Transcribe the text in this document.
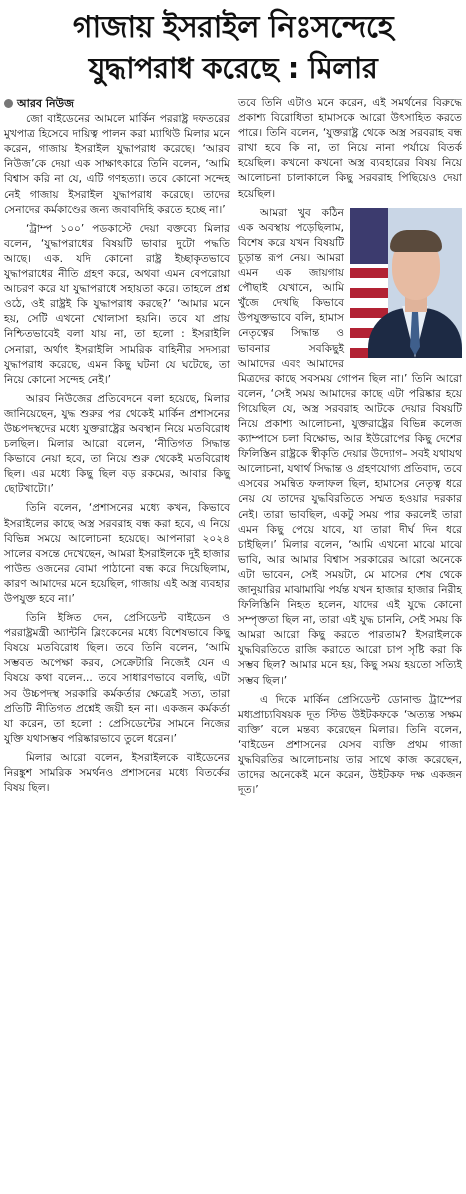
গাজায় ইসরাইল নিঃসন্দেহে
যুদ্ধাপরাধ করেছে : মিলার
আরব নিউজ

জো বাইডেনের আমলে মার্কিন পররাষ্ট্র দফতরের মুখপাত্র হিসেবে দায়িত্ব পালন করা ম্যাথিউ মিলার মনে করেন, গাজায় ইসরাইল যুদ্ধাপরাধ করেছে। ‘আরব নিউজ’কে দেয়া এক সাক্ষাৎকারে তিনি বলেন, ‘আমি বিশ্বাস করি না যে, এটি গণহত্যা। তবে কোনো সন্দেহ নেই গাজায় ইসরাইল যুদ্ধাপরাধ করেছে। তাদের সেনাদের কর্মকাণ্ডের জন্য জবাবদিহি করতে হচ্ছে না।’

‘ট্রাম্প ১০০’ পডকাস্টে দেয়া বক্তব্যে মিলার বলেন, ‘যুদ্ধাপরাধের বিষয়টি ভাবার দুটো পদ্ধতি আছে। এক. যদি কোনো রাষ্ট্র ইচ্ছাকৃতভাবে যুদ্ধাপরাধের নীতি গ্রহণ করে, অথবা এমন বেপরোয়া আচরণ করে যা যুদ্ধাপরাধে সহায়তা করে। তাহলে প্রশ্ন ওঠে, ওই রাষ্ট্রই কি যুদ্ধাপরাধ করছে?’ ‘আমার মনে হয়, সেটি এখনো খোলাসা হয়নি। তবে যা প্রায় নিশ্চিতভাবেই বলা যায় না, তা হলো : ইসরাইলি সেনারা, অর্থাৎ ইসরাইলি সামরিক বাহিনীর সদস্যরা যুদ্ধাপরাধ করেছে, এমন কিছু ঘটনা যে ঘটেছে, তা নিয়ে কোনো সন্দেহ নেই।’

আরব নিউজের প্রতিবেদনে বলা হয়েছে, মিলার জানিয়েছেন, যুদ্ধ শুরুর পর থেকেই মার্কিন প্রশাসনের উচ্চপদস্থদের মধ্যে যুক্তরাষ্ট্রের অবস্থান নিয়ে মতবিরোধ চলছিল। মিলার আরো বলেন, ‘নীতিগত সিদ্ধান্ত কিভাবে নেয়া হবে, তা নিয়ে শুরু থেকেই মতবিরোধ ছিল। এর মধ্যে কিছু ছিল বড় রকমের, আবার কিছু ছোটখাটো।’

তিনি বলেন, ‘প্রশাসনের মধ্যে কখন, কিভাবে ইসরাইলের কাছে অস্ত্র সরবরাহ বন্ধ করা হবে, এ নিয়ে বিভিন্ন সময়ে আলোচনা হয়েছে। আপনারা ২০২৪ সালের বসন্তে দেখেছেন, আমরা ইসরাইলকে দুই হাজার পাউন্ড ওজনের বোমা পাঠানো বন্ধ করে দিয়েছিলাম, কারণ আমাদের মনে হয়েছিল, গাজায় এই অস্ত্র ব্যবহার উপযুক্ত হবে না।’

তিনি ইঙ্গিত দেন, প্রেসিডেন্ট বাইডেন ও পররাষ্ট্রমন্ত্রী অ্যান্টনি ব্লিংকেনের মধ্যে বিশেষভাবে কিছু বিষয়ে মতবিরোধ ছিল। তবে তিনি বলেন, ‘আমি সম্ভবত অপেক্ষা করব, সেক্রেটারি নিজেই যেন এ বিষয়ে কথা বলেন... তবে সাধারণভাবে বলছি, এটা সব উচ্চপদস্থ সরকারি কর্মকর্তার ক্ষেত্রেই সত্য, তারা প্রতিটি নীতিগত প্রশ্নেই জয়ী হন না। একজন কর্মকর্তা যা করেন, তা হলো : প্রেসিডেন্টের সামনে নিজের যুক্তি যথাসম্ভব পরিষ্কারভাবে তুলে ধরেন।’

মিলার আরো বলেন, ইসরাইলকে বাইডেনের নিরঙ্কুশ সামরিক সমর্থনও প্রশাসনের মধ্যে বিতর্কের বিষয় ছিল।

তবে তিনি এটাও মনে করেন, এই সমর্থনের বিরুদ্ধে প্রকাশ্য বিরোধিতা হামাসকে আরো উৎসাহিত করতে পারে। তিনি বলেন, ‘যুক্তরাষ্ট্র থেকে অস্ত্র সরবরাহ বন্ধ রাখা হবে কি না, তা নিয়ে নানা পর্যায়ে বিতর্ক হয়েছিল। কখনো কখনো অস্ত্র ব্যবহারের বিষয় নিয়ে আলোচনা চালাকালে কিছু সরবরাহ পিছিয়েও দেয়া হয়েছিল।

আমরা খুব কঠিন এক অবস্থায় পড়েছিলাম, বিশেষ করে যখন বিষয়টি চূড়ান্ত রূপ নেয়। আমরা এমন এক জায়গায় পৌছাই যেখানে, আমি খুঁজে দেখছি কিভাবে উপযুক্তভাবে বলি, হামাস নেতৃত্বের সিদ্ধান্ত ও ভাবনার সবকিছুই আমাদের এবং আমাদের মিত্রদের কাছে সবসময় গোপন ছিল না।’ তিনি আরো বলেন, ‘সেই সময় আমাদের কাছে এটা পরিষ্কার হয়ে গিয়েছিল যে, অস্ত্র সরবরাহ আটকে দেয়ার বিষয়টি নিয়ে প্রকাশ্য আলোচনা, যুক্তরাষ্ট্রের বিভিন্ন কলেজ ক্যাম্পাসে চলা বিক্ষোভ, আর ইউরোপের কিছু দেশের ফিলিস্তিন রাষ্ট্রকে স্বীকৃতি দেয়ার উদ্যোগ– সবই যথাযথ আলোচনা, যথার্থ সিদ্ধান্ত ও গ্রহণযোগ্য প্রতিবাদ, তবে এসবের সমন্বিত ফলাফল ছিল, হামাসের নেতৃত্ব ধরে নেয় যে তাদের যুদ্ধবিরতিতে সম্মত হওয়ার দরকার নেই। তারা ভাবছিল, একটু সময় পার করলেই তারা এমন কিছু পেয়ে যাবে, যা তারা দীর্ঘ দিন ধরে চাইছিল।’ মিলার বলেন, ‘আমি এখনো মাঝে মাঝে ভাবি, আর আমার বিশ্বাস সরকারের আরো অনেকে এটা ভাবেন, সেই সময়টা, মে মাসের শেষ থেকে জানুয়ারির মাঝামাঝি পর্যন্ত যখন হাজার হাজার নিরীহ ফিলিস্তিনি নিহত হলেন, যাদের এই যুদ্ধে কোনো সম্পৃক্ততা ছিল না, তারা এই যুদ্ধ চাননি, সেই সময় কি আমরা আরো কিছু করতে পারতাম? ইসরাইলকে যুদ্ধবিরতিতে রাজি করাতে আরো চাপ সৃষ্টি করা কি সম্ভব ছিল? আমার মনে হয়, কিছু সময় হয়তো সত্যিই সম্ভব ছিল।’

এ দিকে মার্কিন প্রেসিডেন্ট ডোনাল্ড ট্রাম্পের মধ্যপ্রাচ্যবিষয়ক দূত স্টিভ উইটকফকে ‘অত্যন্ত সক্ষম ব্যক্তি’ বলে মন্তব্য করেছেন মিলার। তিনি বলেন, ‘বাইডেন প্রশাসনের যেসব ব্যক্তি প্রথম গাজা যুদ্ধবিরতির আলোচনায় তার সাথে কাজ করেছেন, তাদের অনেকেই মনে করেন, উইটকফ দক্ষ একজন দূত।’
